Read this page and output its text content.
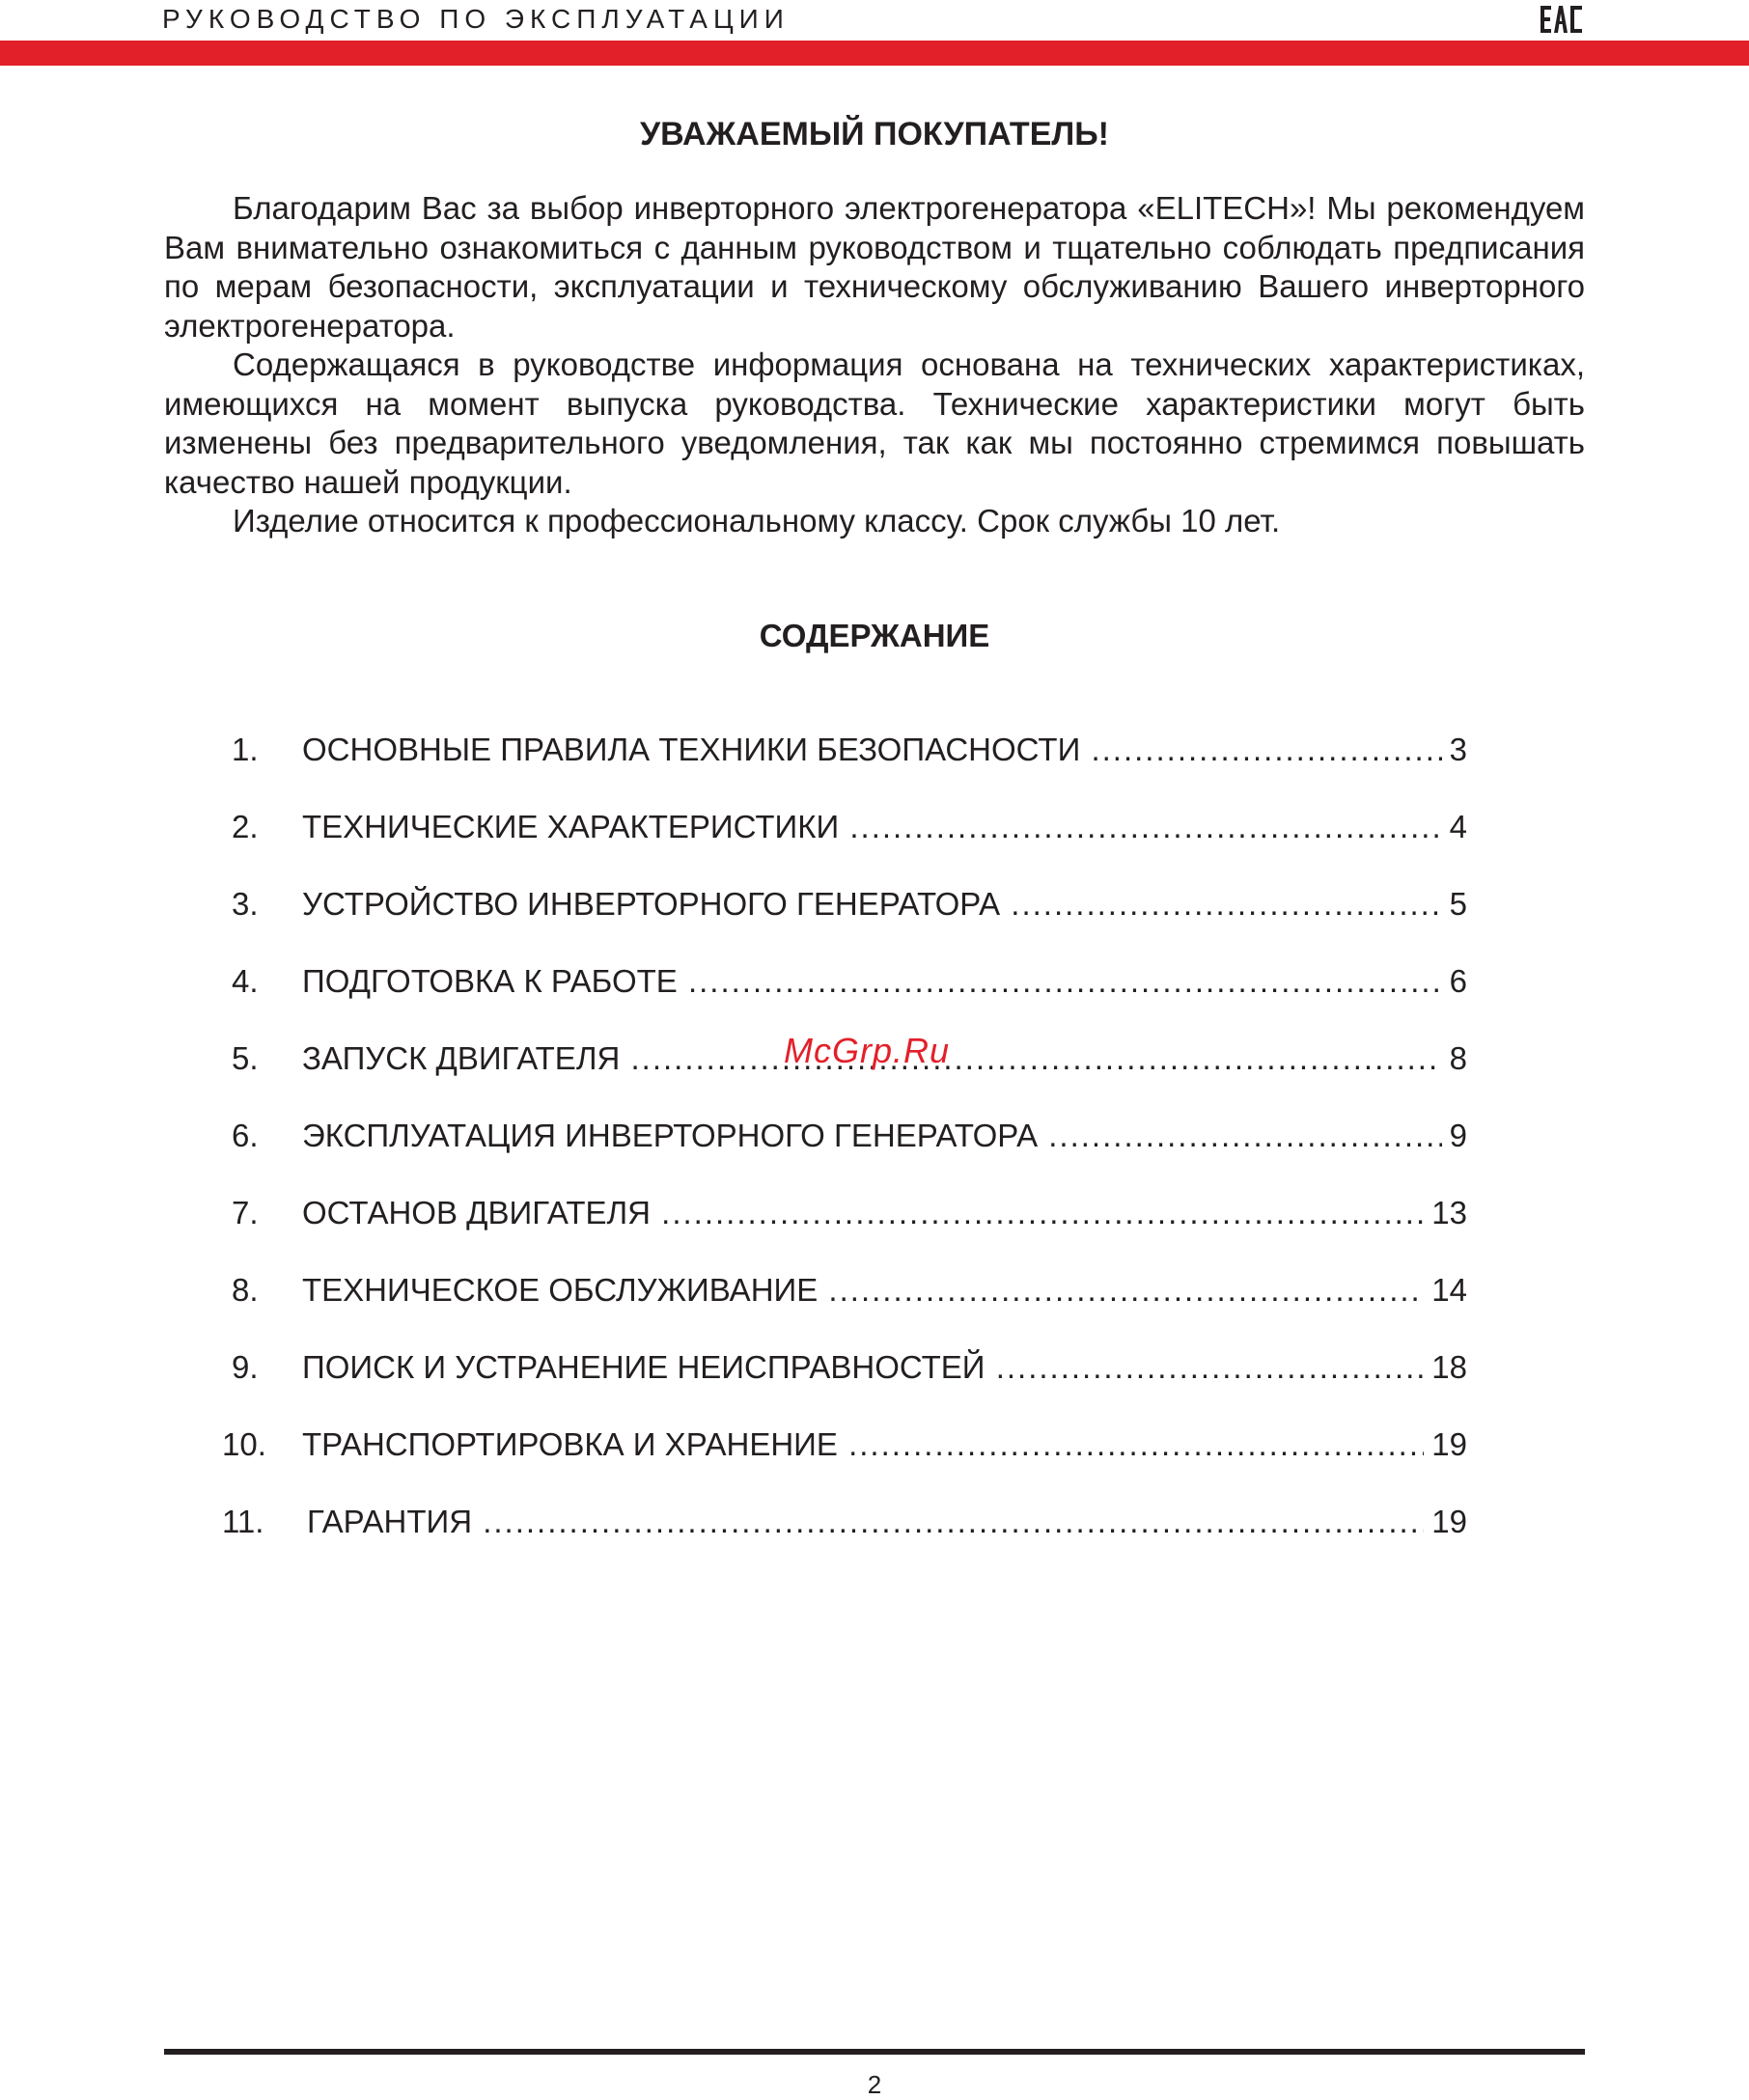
РУКОВОДСТВО ПО ЭКСПЛУАТАЦИИ
УВАЖАЕМЫЙ ПОКУПАТЕЛЬ!

Благодарим Вас за выбор инверторного электрогенератора «ELITECH»! Мы рекомендуем Вам внимательно ознакомиться с данным руководством и тщательно соблюдать предписания по мерам безопасности, эксплуатации и техническому обслуживанию Вашего инверторного электрогенератора.

Содержащаяся в руководстве информация основана на технических характеристиках, имеющихся на момент выпуска руководства. Технические характеристики могут быть изменены без предварительного уведомления, так как мы постоянно стремимся повышать качество нашей продукции.

Изделие относится к профессиональному классу. Срок службы 10 лет.

СОДЕРЖАНИЕ
1. ОСНОВНЫЕ ПРАВИЛА ТЕХНИКИ БЕЗОПАСНОСТИ .....	3
2. ТЕХНИЧЕСКИЕ ХАРАКТЕРИСТИКИ .....	4
3. УСТРОЙСТВО ИНВЕРТОРНОГО ГЕНЕРАТОРА .....	5
4. ПОДГОТОВКА К РАБОТЕ .....	6
5. ЗАПУСК ДВИГАТЕЛЯ .....	8
6. ЭКСПЛУАТАЦИЯ ИНВЕРТОРНОГО ГЕНЕРАТОРА .....	9
7. ОСТАНОВ ДВИГАТЕЛЯ .....	13
8. ТЕХНИЧЕСКОЕ ОБСЛУЖИВАНИЕ .....	14
9. ПОИСК И УСТРАНЕНИЕ НЕИСПРАВНОСТЕЙ .....	18
10. ТРАНСПОРТИРОВКА И ХРАНЕНИЕ .....	19
11. ГАРАНТИЯ .....	19
McGrp.Ru
2
